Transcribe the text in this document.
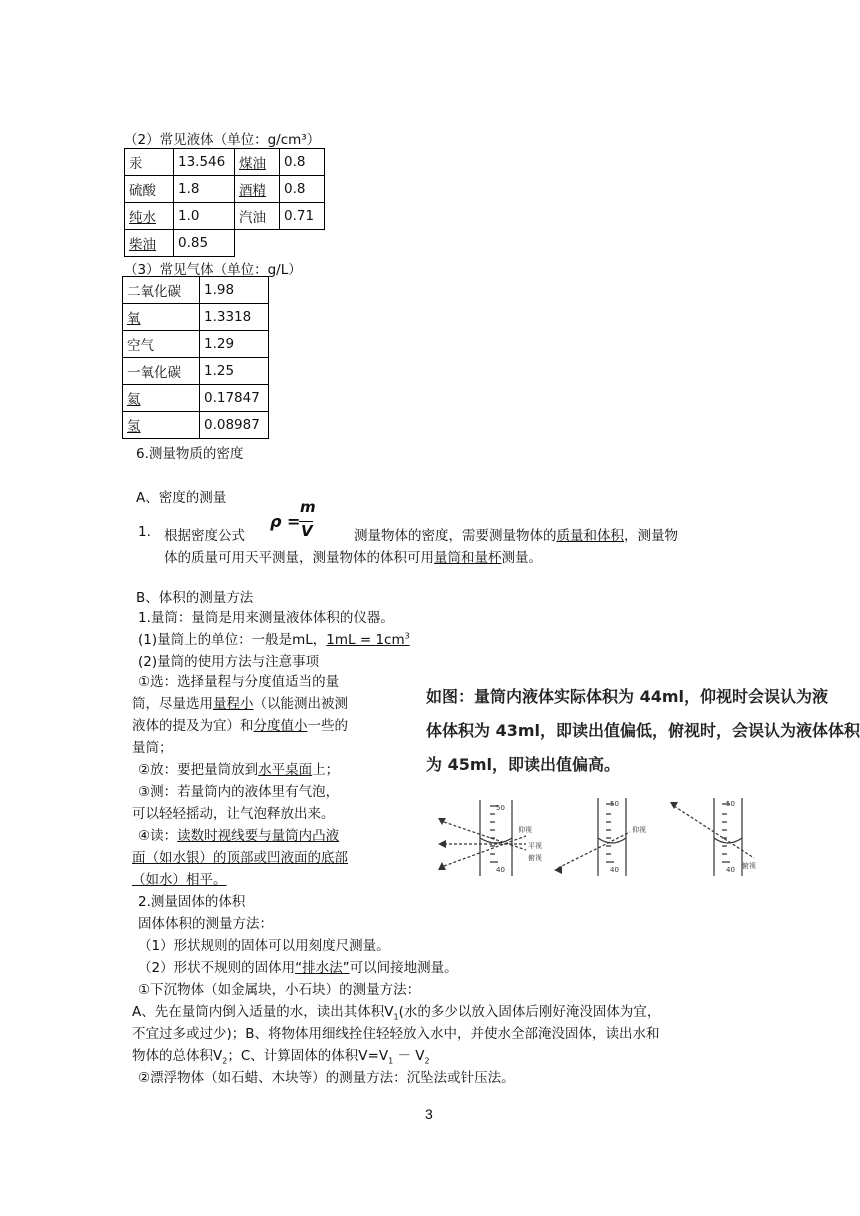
（2）常见液体（单位：g/cm³）
汞	13.546	煤油	0.8
硫酸	1.8	酒精	0.8
纯水	1.0	汽油	0.71
柴油	0.85		
（3）常见气体（单位：g/L）
二氧化碳	1.98
氧	1.3318
空气	1.29
一氧化碳	1.25
氦	0.17847
氢	0.08987
6.测量物质的密度
A、密度的测量
1. 根据密度公式
ρ =
m
V	测量物体的密度，需要测量物体的质量和体积，测量物
体的质量可用天平测量，测量物体的体积可用量筒和量杯测量。
B、体积的测量方法
1.量筒：量筒是用来测量液体体积的仪器。
(1)量筒上的单位：一般是mL，$1mL = 1cm^3$
(2)量筒的使用方法与注意事项
①选：选择量程与分度值适当的量
筒，尽量选用量程小（以能测出被测
液体的提及为宜）和分度值小一些的
量筒；
②放：要把量筒放到水平桌面上；
③测：若量筒内的液体里有气泡，
可以轻轻摇动，让气泡释放出来。
④读：读数时视线要与量筒内凸液
面（如水银）的顶部或凹液面的底部
（如水）相平。
2.测量固体的体积
固体体积的测量方法：
（1）形状规则的固体可以用刻度尺测量。
（2）形状不规则的固体用“排水法”可以间接地测量。
①下沉物体（如金属块，小石块）的测量方法：
A、先在量筒内倒入适量的水，读出其体积$V_1$(水的多少以放入固体后刚好淹没固体为宜，
不宜过多或过少)；B、将物体用细线拴住轻轻放入水中，并使水全部淹没固体，读出水和
物体的总体积$V_2$；C、计算固体的体积$V=V_1 - V_2$
②漂浮物体（如石蜡、木块等）的测量方法：沉坠法或针压法。
如图：量筒内液体实际体积为 44ml，仰视时会误认为液
体体积为 43ml，即读出值偏低，俯视时，会误认为液体体积
为 45ml，即读出值偏高。
50
40
仰视
平视
俯视
50
40
仰视
50
40 俯视
3
